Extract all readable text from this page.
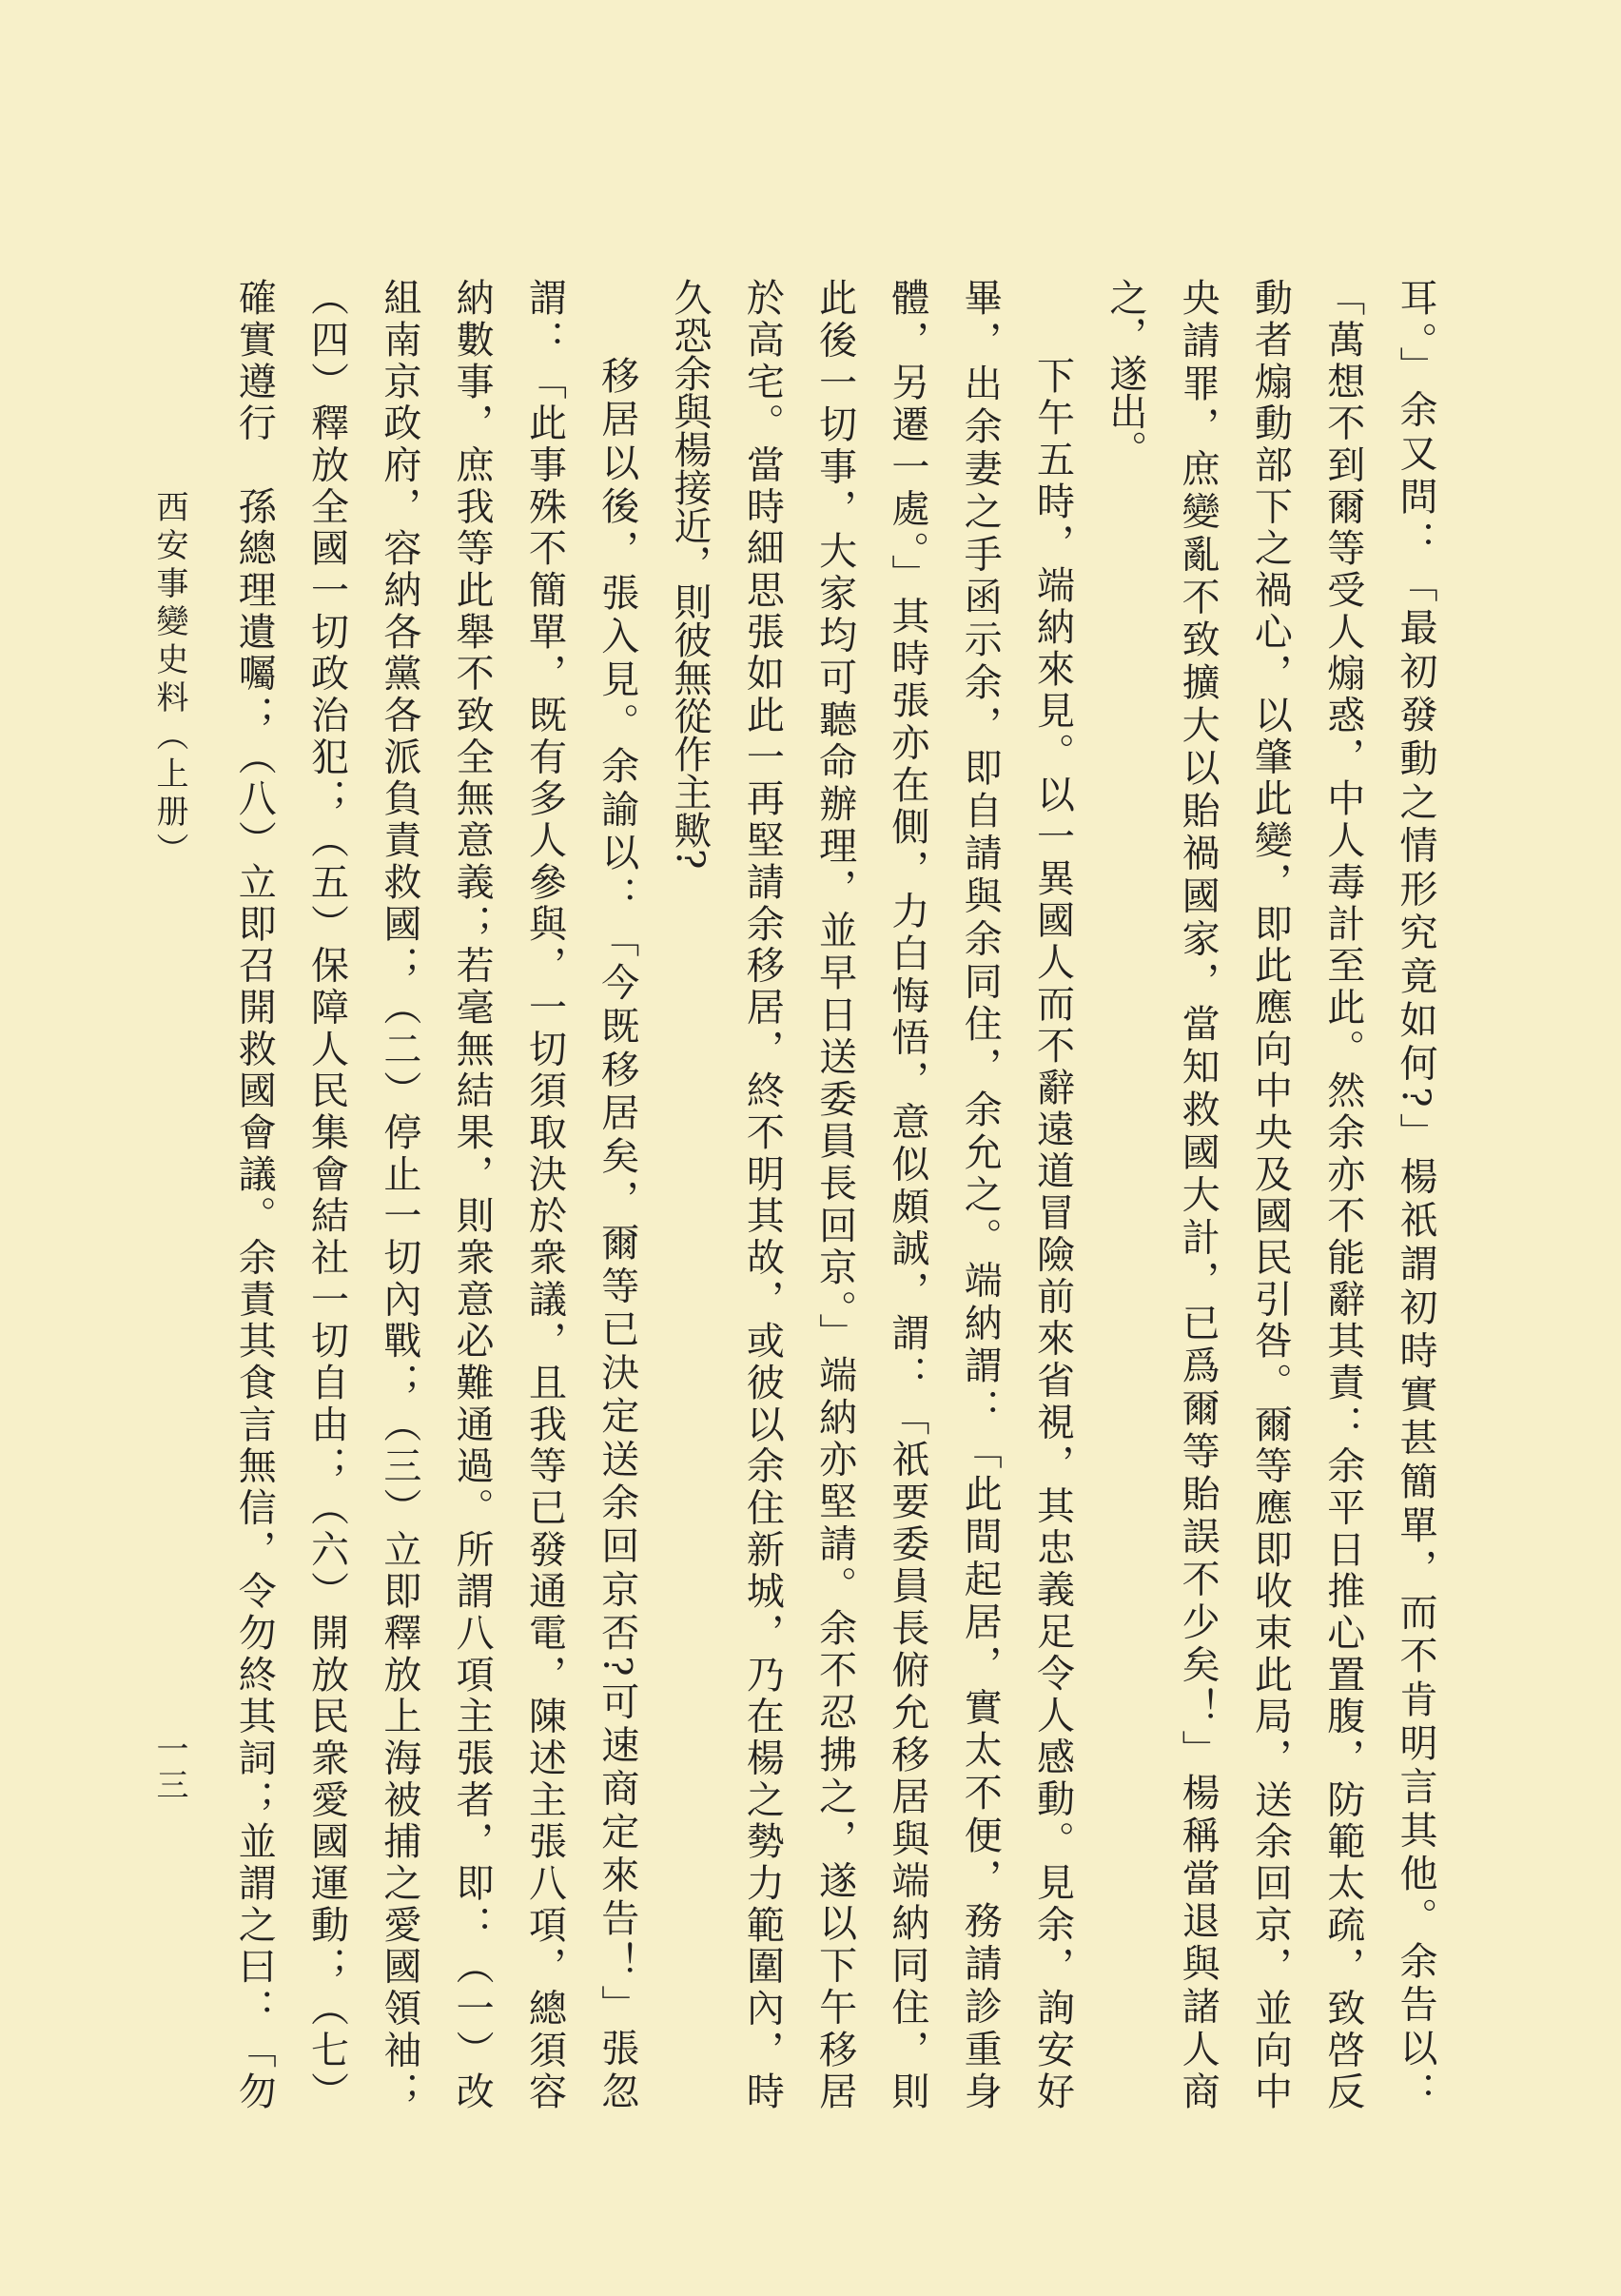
耳。」余又問：「最初發動之情形究竟如何?」楊祇謂初時實甚簡單，而不肯明言其他。余告以：
「萬想不到爾等受人煽惑，中人毒計至此。然余亦不能辭其責：余平日推心置腹，防範太疏，致啓反
動者煽動部下之禍心，以肇此變，即此應向中央及國民引咎。爾等應即收束此局，送余回京，並向中
央請罪，庶變亂不致擴大以貽禍國家，當知救國大計，已爲爾等貽誤不少矣！」楊稱當退與諸人商
之，遂出。
下午五時，端納來見。以一異國人而不辭遠道冒險前來省視，其忠義足令人感動。見余，詢安好
畢，出余妻之手函示余，即自請與余同住，余允之。端納謂：「此間起居，實太不便，務請診重身
體，另遷一處。」其時張亦在側，力白悔悟，意似頗誠，謂：「祇要委員長俯允移居與端納同住，則
此後一切事，大家均可聽命辦理，並早日送委員長回京。」端納亦堅請。余不忍拂之，遂以下午移居
於高宅。當時細思張如此一再堅請余移居，終不明其故，或彼以余住新城，乃在楊之勢力範圍內，時
久恐余與楊接近，則彼無從作主歟?
移居以後，張入見。余諭以：「今既移居矣，爾等已決定送余回京否?可速商定來告！」張忽
謂：「此事殊不簡單，既有多人參與，一切須取決於衆議，且我等已發通電，陳述主張八項，總須容
納數事，庶我等此舉不致全無意義；若毫無結果，則衆意必難通過。所謂八項主張者，即：（一）改
組南京政府，容納各黨各派負責救國；（二）停止一切內戰；（三）立即釋放上海被捕之愛國領袖；
（四）釋放全國一切政治犯；（五）保障人民集會結社一切自由；（六）開放民衆愛國運動；（七）
確實遵行　孫總理遺囑；（八）立即召開救國會議。余責其食言無信，令勿終其詞；並謂之曰：「勿
西安事變史料（上册）
一三
